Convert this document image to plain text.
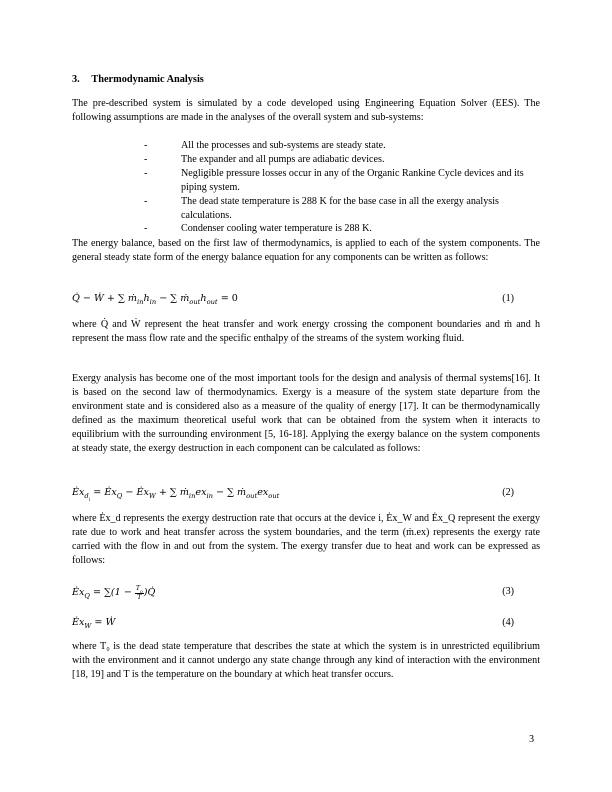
3. Thermodynamic Analysis

The pre-described system is simulated by a code developed using Engineering Equation Solver (EES). The following assumptions are made in the analyses of the overall system and sub-systems:

- All the processes and sub-systems are steady state.
- The expander and all pumps are adiabatic devices.
- Negligible pressure losses occur in any of the Organic Rankine Cycle devices and its piping system.
- The dead state temperature is 288 K for the base case in all the exergy analysis calculations.
- Condenser cooling water temperature is 288 K.

The energy balance, based on the first law of thermodynamics, is applied to each of the system components. The general steady state form of the energy balance equation for any components can be written as follows:

Q̇ − Ẇ + ∑ $ṁ_{in}h_{in}$ − ∑ $ṁ_{out}h_{out} = 0$	(1)

where Q̇ and Ẇ represent the heat transfer and work energy crossing the component boundaries and ṁ and h represent the mass flow rate and the specific enthalpy of the streams of the system working fluid.

Exergy analysis has become one of the most important tools for the design and analysis of thermal systems[16]. It is based on the second law of thermodynamics. Exergy is a measure of the system state departure from the environment state and is considered also as a measure of the quality of energy [17]. It can be thermodynamically defined as the maximum theoretical useful work that can be obtained from the system when it interacts to equilibrium with the surrounding environment [5, 16-18]. Applying the exergy balance on the system components at steady state, the exergy destruction in each component can be calculated as follows:

$Ėx_{d_i}$ = $Ėx_Q$ − $Ėx_W$ + ∑ $ṁ_{in}ex_{in}$ − ∑ $ṁ_{out}ex_{out}$	(2)

where Ėx_d represents the exergy destruction rate that occurs at the device i, Ėx_W and Ėx_Q represent the exergy rate due to work and heat transfer across the system boundaries, and the term (ṁ.ex) represents the exergy rate carried with the flow in and out from the system. The exergy transfer due to heat and work can be expressed as follows:

$Ėx_Q = \sum(1 - \frac{T_o}{T}$ )Q̇	(3)
$Ėx_W$ = Ẇ	(4)

where T₀ is the dead state temperature that describes the state at which the system is in unrestricted equilibrium with the environment and it cannot undergo any state change through any kind of interaction with the environment [18, 19] and T is the temperature on the boundary at which heat transfer occurs.

3
